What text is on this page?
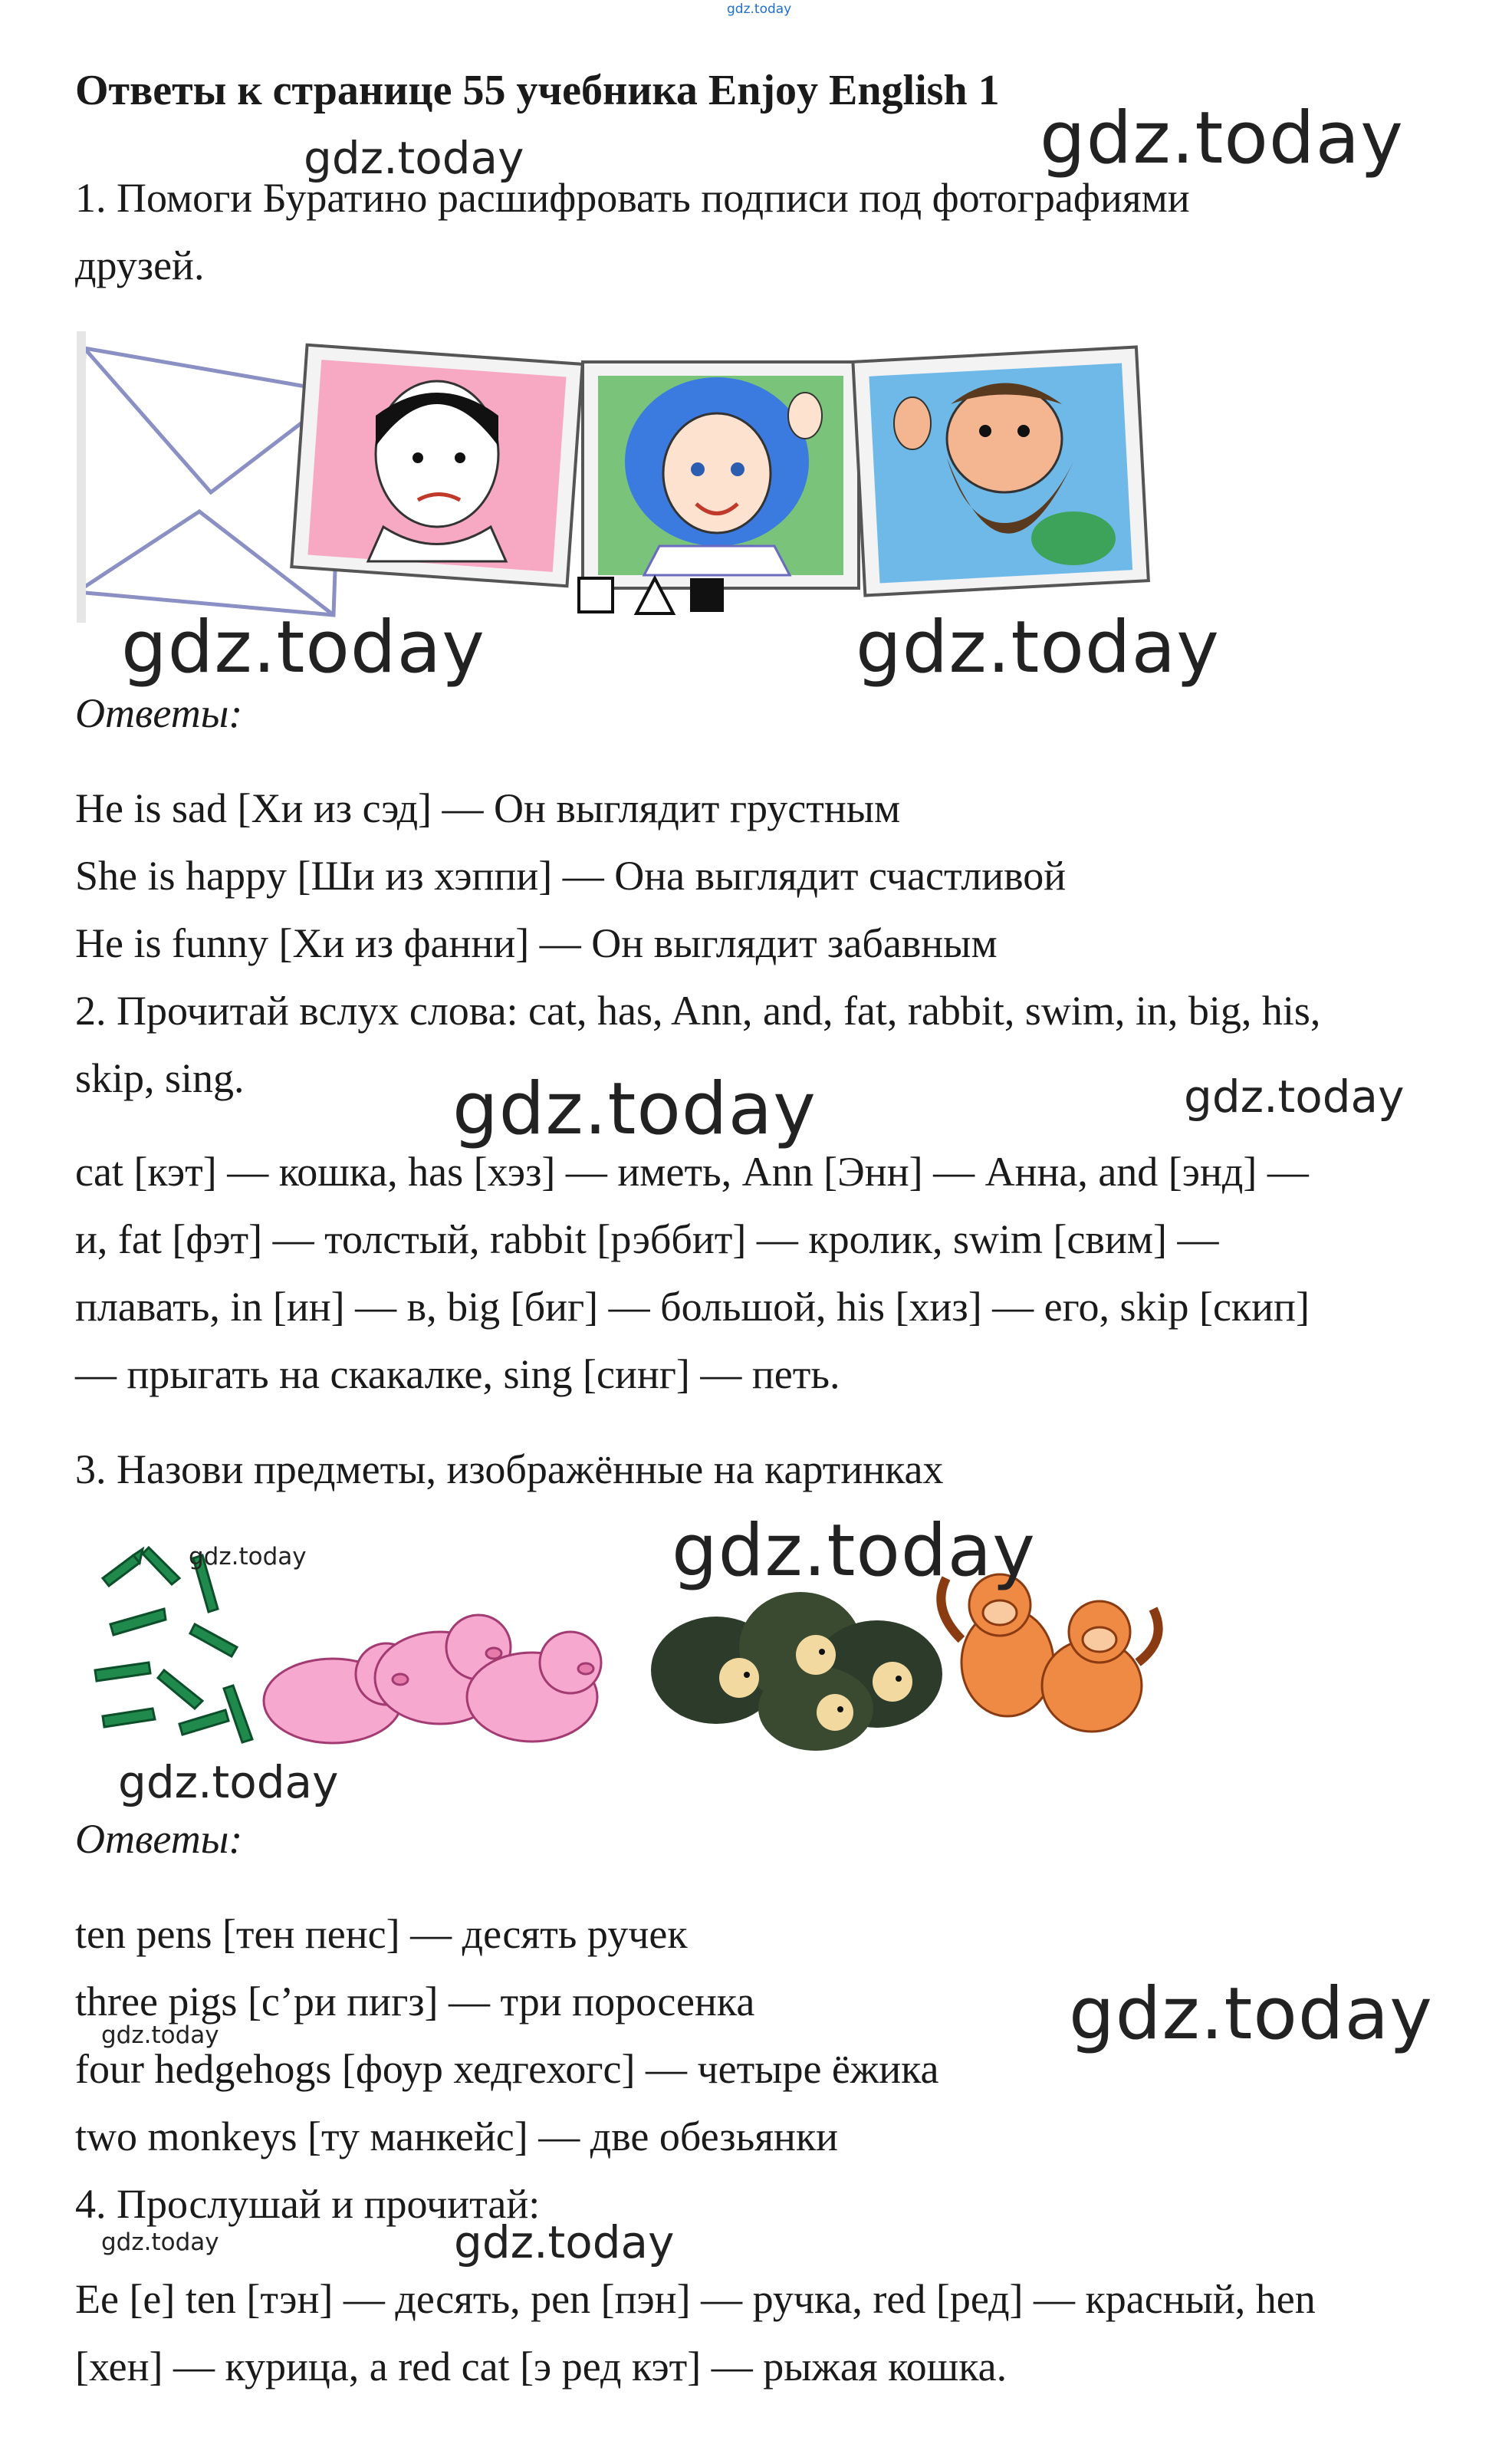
gdz.today
Ответы к странице 55 учебника Enjoy English 1
1. Помоги Буратино расшифровать подписи под фотографиями
друзей.
gdz.today	gdz.today
gdz.today	gdz.today
Ответы:
He is sad [Хи из сэд] — Он выглядит грустным
She is happy [Ши из хэппи] — Она выглядит счастливой
He is funny [Хи из фанни] — Он выглядит забавным
2. Прочитай вслух слова: cat, has, Ann, and, fat, rabbit, swim, in, big, his,
skip, sing.	gdz.today	gdz.today
cat [кэт] — кошка, has [хэз] — иметь, Ann [Энн] — Анна, and [энд] —
и, fat [фэт] — толстый, rabbit [рэббит] — кролик, swim [свим] —
плавать, in [ин] — в, big [биг] — большой, his [хиз] — его, skip [скип]
— прыгать на скакалке, sing [синг] — петь.
3. Назови предметы, изображённые на картинках
gdz.today	gdz.today
gdz.today
Ответы:
ten pens [тен пенс] — десять ручек
three pigs [с’ри пигз] — три поросенка
gdz.today
four hedgehogs [фоур хедгехогс] — четыре ёжика
two monkeys [ту манкейс] — две обезьянки
gdz.today
4. Прослушай и прочитай:
gdz.today	gdz.today
Ee [e] ten [тэн] — десять, pen [пэн] — ручка, red [ред] — красный, hen
[хен] — курица, a red cat [э ред кэт] — рыжая кошка.
